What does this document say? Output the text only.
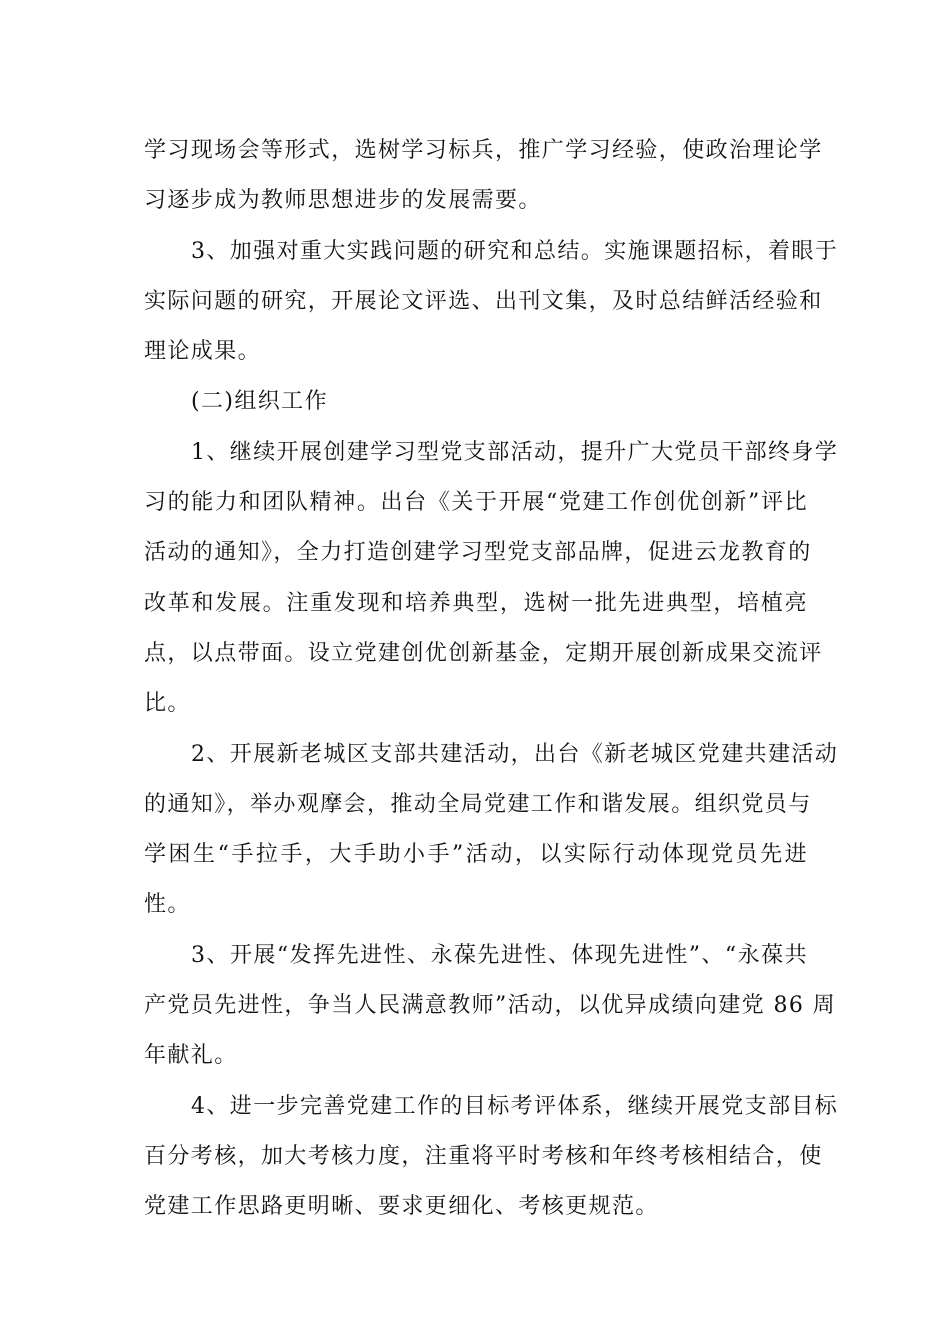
学习现场会等形式，选树学习标兵，推广学习经验，使政治理论学
习逐步成为教师思想进步的发展需要。
3、加强对重大实践问题的研究和总结。实施课题招标，着眼于
实际问题的研究，开展论文评选、出刊文集，及时总结鲜活经验和
理论成果。
(二)组织工作
1、继续开展创建学习型党支部活动，提升广大党员干部终身学
习的能力和团队精神。出台《关于开展“党建工作创优创新”评比
活动的通知》，全力打造创建学习型党支部品牌，促进云龙教育的
改革和发展。注重发现和培养典型，选树一批先进典型，培植亮
点，以点带面。设立党建创优创新基金，定期开展创新成果交流评
比。
2、开展新老城区支部共建活动，出台《新老城区党建共建活动
的通知》，举办观摩会，推动全局党建工作和谐发展。组织党员与
学困生“手拉手，大手助小手”活动，以实际行动体现党员先进
性。
3、开展“发挥先进性、永葆先进性、体现先进性”、“永葆共
产党员先进性，争当人民满意教师”活动，以优异成绩向建党 86 周
年献礼。
4、进一步完善党建工作的目标考评体系，继续开展党支部目标
百分考核，加大考核力度，注重将平时考核和年终考核相结合，使
党建工作思路更明晰、要求更细化、考核更规范。
